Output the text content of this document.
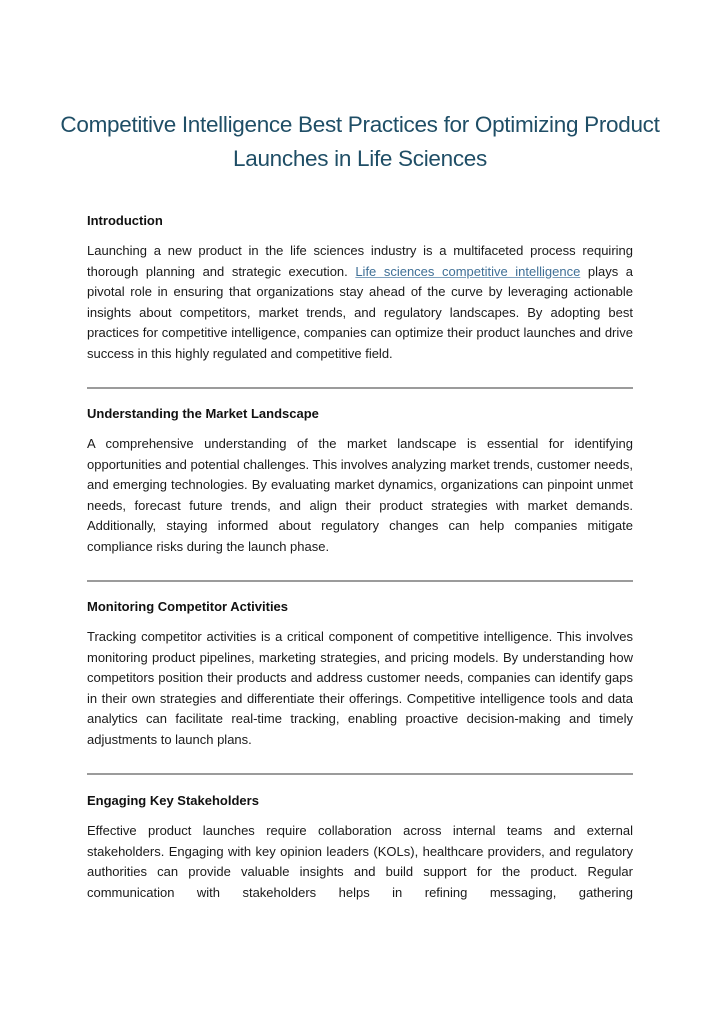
Competitive Intelligence Best Practices for Optimizing Product Launches in Life Sciences
Introduction
Launching a new product in the life sciences industry is a multifaceted process requiring thorough planning and strategic execution. Life sciences competitive intelligence plays a pivotal role in ensuring that organizations stay ahead of the curve by leveraging actionable insights about competitors, market trends, and regulatory landscapes. By adopting best practices for competitive intelligence, companies can optimize their product launches and drive success in this highly regulated and competitive field.
Understanding the Market Landscape
A comprehensive understanding of the market landscape is essential for identifying opportunities and potential challenges. This involves analyzing market trends, customer needs, and emerging technologies. By evaluating market dynamics, organizations can pinpoint unmet needs, forecast future trends, and align their product strategies with market demands. Additionally, staying informed about regulatory changes can help companies mitigate compliance risks during the launch phase.
Monitoring Competitor Activities
Tracking competitor activities is a critical component of competitive intelligence. This involves monitoring product pipelines, marketing strategies, and pricing models. By understanding how competitors position their products and address customer needs, companies can identify gaps in their own strategies and differentiate their offerings. Competitive intelligence tools and data analytics can facilitate real-time tracking, enabling proactive decision-making and timely adjustments to launch plans.
Engaging Key Stakeholders
Effective product launches require collaboration across internal teams and external stakeholders. Engaging with key opinion leaders (KOLs), healthcare providers, and regulatory authorities can provide valuable insights and build support for the product. Regular communication with stakeholders helps in refining messaging, gathering
